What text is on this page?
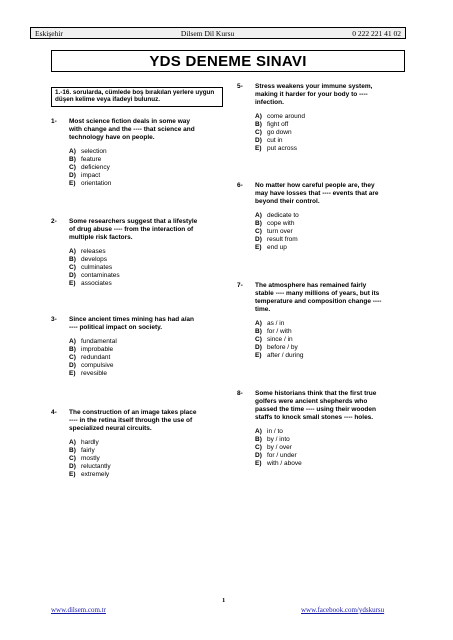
Eskişehir	Dilsem Dil Kursu	0 222 221 41 02
YDS DENEME SINAVI
1.-16. sorularda, cümlede boş bırakılan yerlere uygun düşen kelime veya ifadeyi bulunuz.
1- Most science fiction deals in some way
with change and the ---- that science and
technology have on people.
A) selection
B) feature
C) deficiency
D) impact
E) orientation
2- Some researchers suggest that a lifestyle
of drug abuse ---- from the interaction of
multiple risk factors.
A) releases
B) develops
C) culminates
D) contaminates
E) associates
3- Since ancient times mining has had a/an
---- political impact on society.
A) fundamental
B) improbable
C) redundant
D) compulsive
E) revesible
4- The construction of an image takes place
---- in the retina itself through the use of
specialized neural circuits.
A) hardly
B) fairly
C) mostly
D) reluctantly
E) extremely
5- Stress weakens your immune system,
making it harder for your body to ----
infection.
A) come around
B) fight off
C) go down
D) cut in
E) put across
6- No matter how careful people are, they
may have losses that ---- events that are
beyond their control.
A) dedicate to
B) cope with
C) turn over
D) result from
E) end up
7- The atmosphere has remained fairly
stable ---- many millions of years, but its
temperature and composition change ----
time.
A) as / in
B) for / with
C) since / in
D) before / by
E) after / during
8- Some historians think that the first true
golfers were ancient shepherds who
passed the time ---- using their wooden
staffs to knock small stones ---- holes.
A) in / to
B) by / into
C) by / over
D) for / under
E) with / above
1
www.dilsem.com.tr	www.facebook.com/ydskursu
